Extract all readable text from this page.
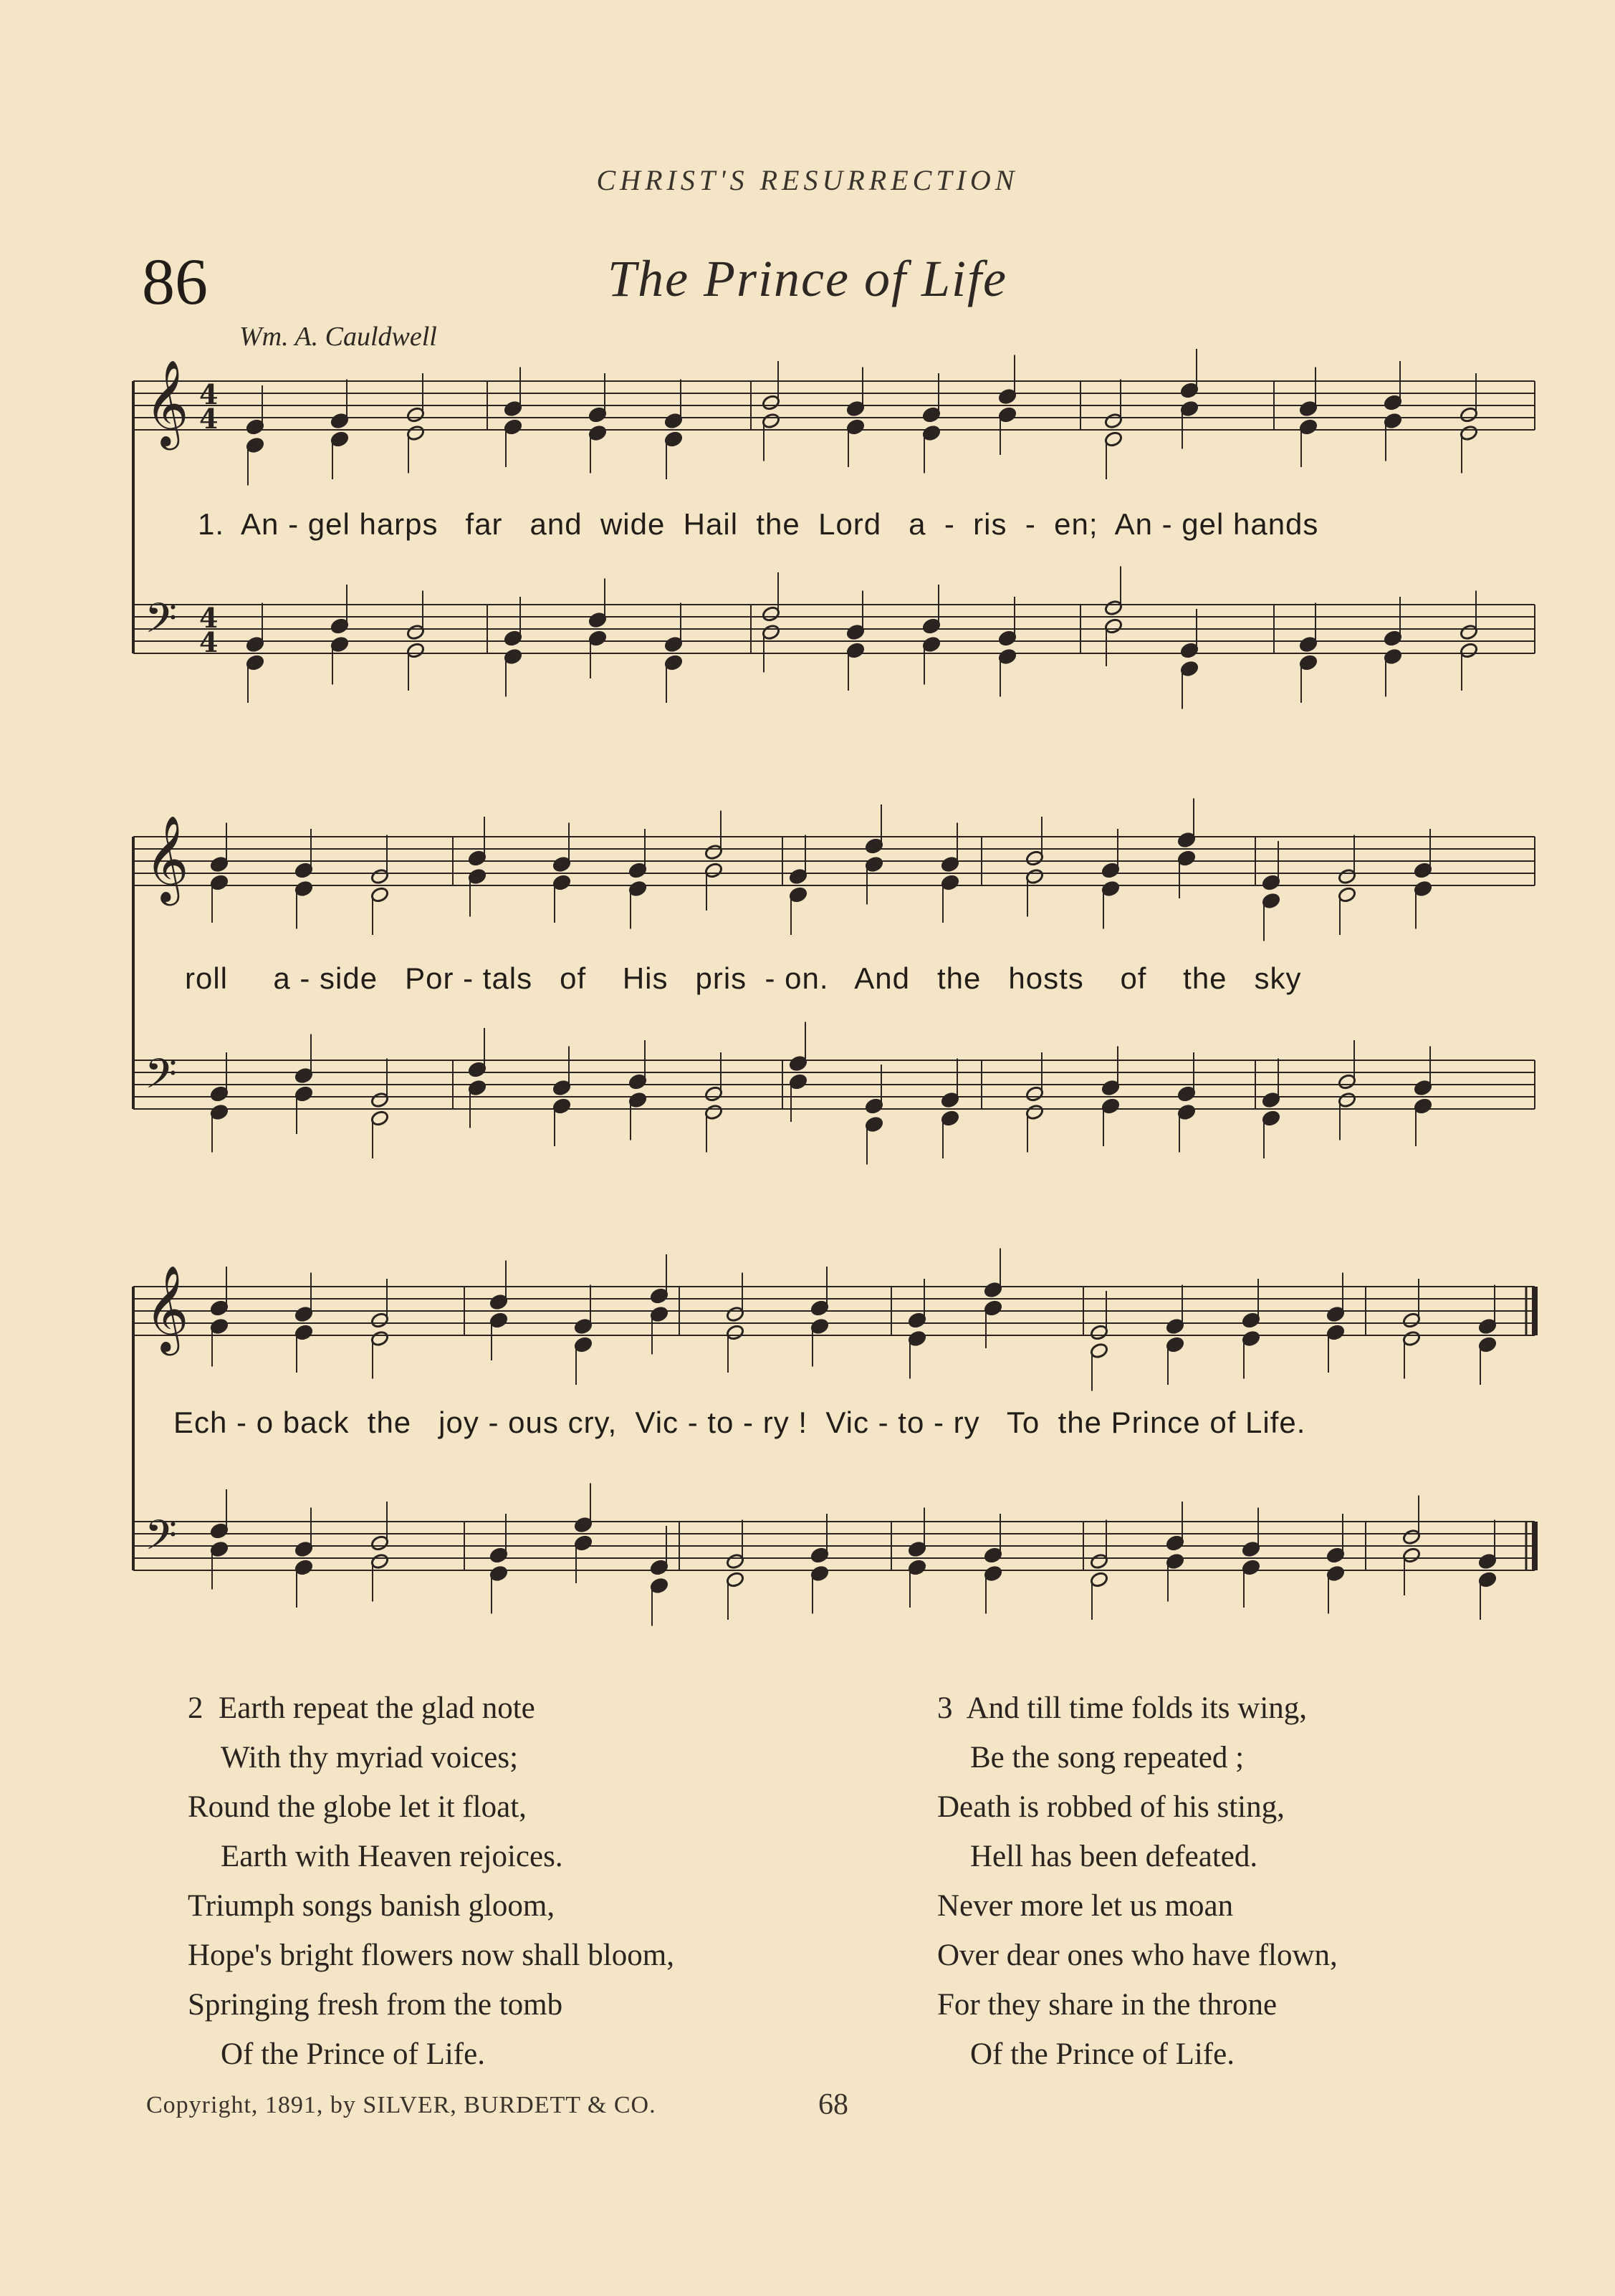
CHRIST'S RESURRECTION
86	The Prince of Life
Wm. A. Cauldwell
𝄞
𝄢
𝄞
𝄢
𝄞
𝄢
4
4
4
4
1.  An - gel harps   far   and  wide  Hail  the  Lord   a  -  ris  -  en;  An - gel hands
roll     a - side   Por - tals   of    His   pris  - on.   And   the   hosts    of    the   sky
Ech - o back  the   joy - ous cry,  Vic - to - ry !  Vic - to - ry   To  the Prince of Life.
2  Earth repeat the glad note
With thy myriad voices;
Round the globe let it float,
Earth with Heaven rejoices.
Triumph songs banish gloom,
Hope's bright flowers now shall bloom,
Springing fresh from the tomb
Of the Prince of Life.
3  And till time folds its wing,
Be the song repeated ;
Death is robbed of his sting,
Hell has been defeated.
Never more let us moan
Over dear ones who have flown,
For they share in the throne
Of the Prince of Life.
Copyright, 1891, by SILVER, BURDETT & CO.	68
